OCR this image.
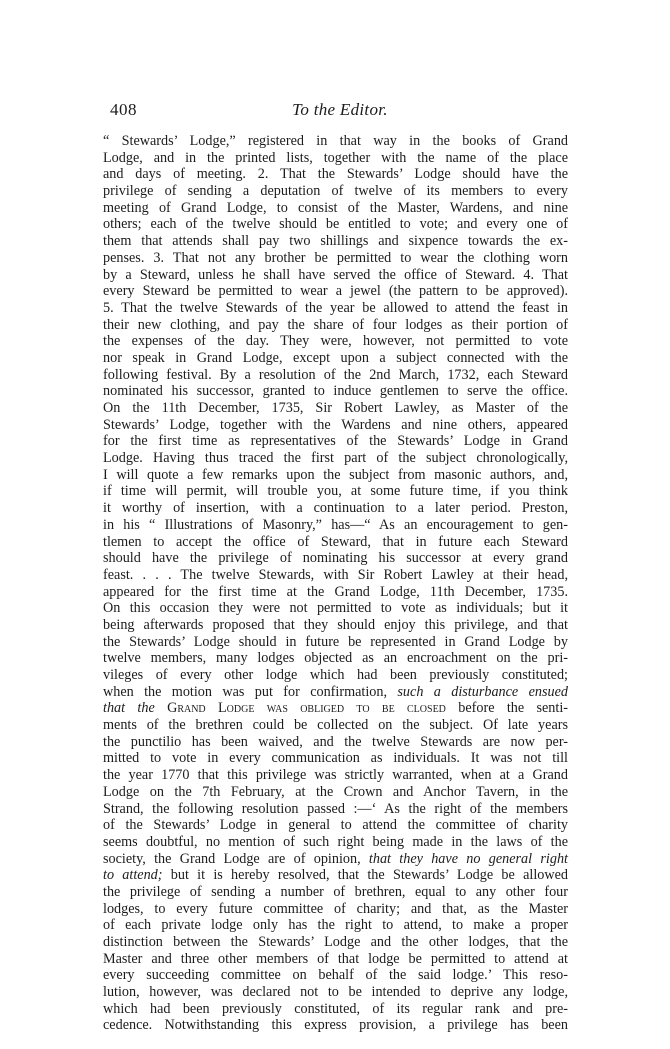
408	To the Editor.
“ Stewards’ Lodge,” registered in that way in the books of Grand
Lodge, and in the printed lists, together with the name of the place
and days of meeting. 2. That the Stewards’ Lodge should have the
privilege of sending a deputation of twelve of its members to every
meeting of Grand Lodge, to consist of the Master, Wardens, and nine
others; each of the twelve should be entitled to vote; and every one of
them that attends shall pay two shillings and sixpence towards the ex-
penses. 3. That not any brother be permitted to wear the clothing worn
by a Steward, unless he shall have served the office of Steward. 4. That
every Steward be permitted to wear a jewel (the pattern to be approved).
5. That the twelve Stewards of the year be allowed to attend the feast in
their new clothing, and pay the share of four lodges as their portion of
the expenses of the day. They were, however, not permitted to vote
nor speak in Grand Lodge, except upon a subject connected with the
following festival. By a resolution of the 2nd March, 1732, each Steward
nominated his successor, granted to induce gentlemen to serve the office.
On the 11th December, 1735, Sir Robert Lawley, as Master of the
Stewards’ Lodge, together with the Wardens and nine others, appeared
for the first time as representatives of the Stewards’ Lodge in Grand
Lodge. Having thus traced the first part of the subject chronologically,
I will quote a few remarks upon the subject from masonic authors, and,
if time will permit, will trouble you, at some future time, if you think
it worthy of insertion, with a continuation to a later period. Preston,
in his “ Illustrations of Masonry,” has—“ As an encouragement to gen-
tlemen to accept the office of Steward, that in future each Steward
should have the privilege of nominating his successor at every grand
feast. . . . The twelve Stewards, with Sir Robert Lawley at their head,
appeared for the first time at the Grand Lodge, 11th December, 1735.
On this occasion they were not permitted to vote as individuals; but it
being afterwards proposed that they should enjoy this privilege, and that
the Stewards’ Lodge should in future be represented in Grand Lodge by
twelve members, many lodges objected as an encroachment on the pri-
vileges of every other lodge which had been previously constituted;
when the motion was put for confirmation, such a disturbance ensued
that the Grand Lodge was obliged to be closed before the senti-
ments of the brethren could be collected on the subject. Of late years
the punctilio has been waived, and the twelve Stewards are now per-
mitted to vote in every communication as individuals. It was not till
the year 1770 that this privilege was strictly warranted, when at a Grand
Lodge on the 7th February, at the Crown and Anchor Tavern, in the
Strand, the following resolution passed :—‘ As the right of the members
of the Stewards’ Lodge in general to attend the committee of charity
seems doubtful, no mention of such right being made in the laws of the
society, the Grand Lodge are of opinion, that they have no general right
to attend; but it is hereby resolved, that the Stewards’ Lodge be allowed
the privilege of sending a number of brethren, equal to any other four
lodges, to every future committee of charity; and that, as the Master
of each private lodge only has the right to attend, to make a proper
distinction between the Stewards’ Lodge and the other lodges, that the
Master and three other members of that lodge be permitted to attend at
every succeeding committee on behalf of the said lodge.’ This reso-
lution, however, was declared not to be intended to deprive any lodge,
which had been previously constituted, of its regular rank and pre-
cedence. Notwithstanding this express provision, a privilege has been
